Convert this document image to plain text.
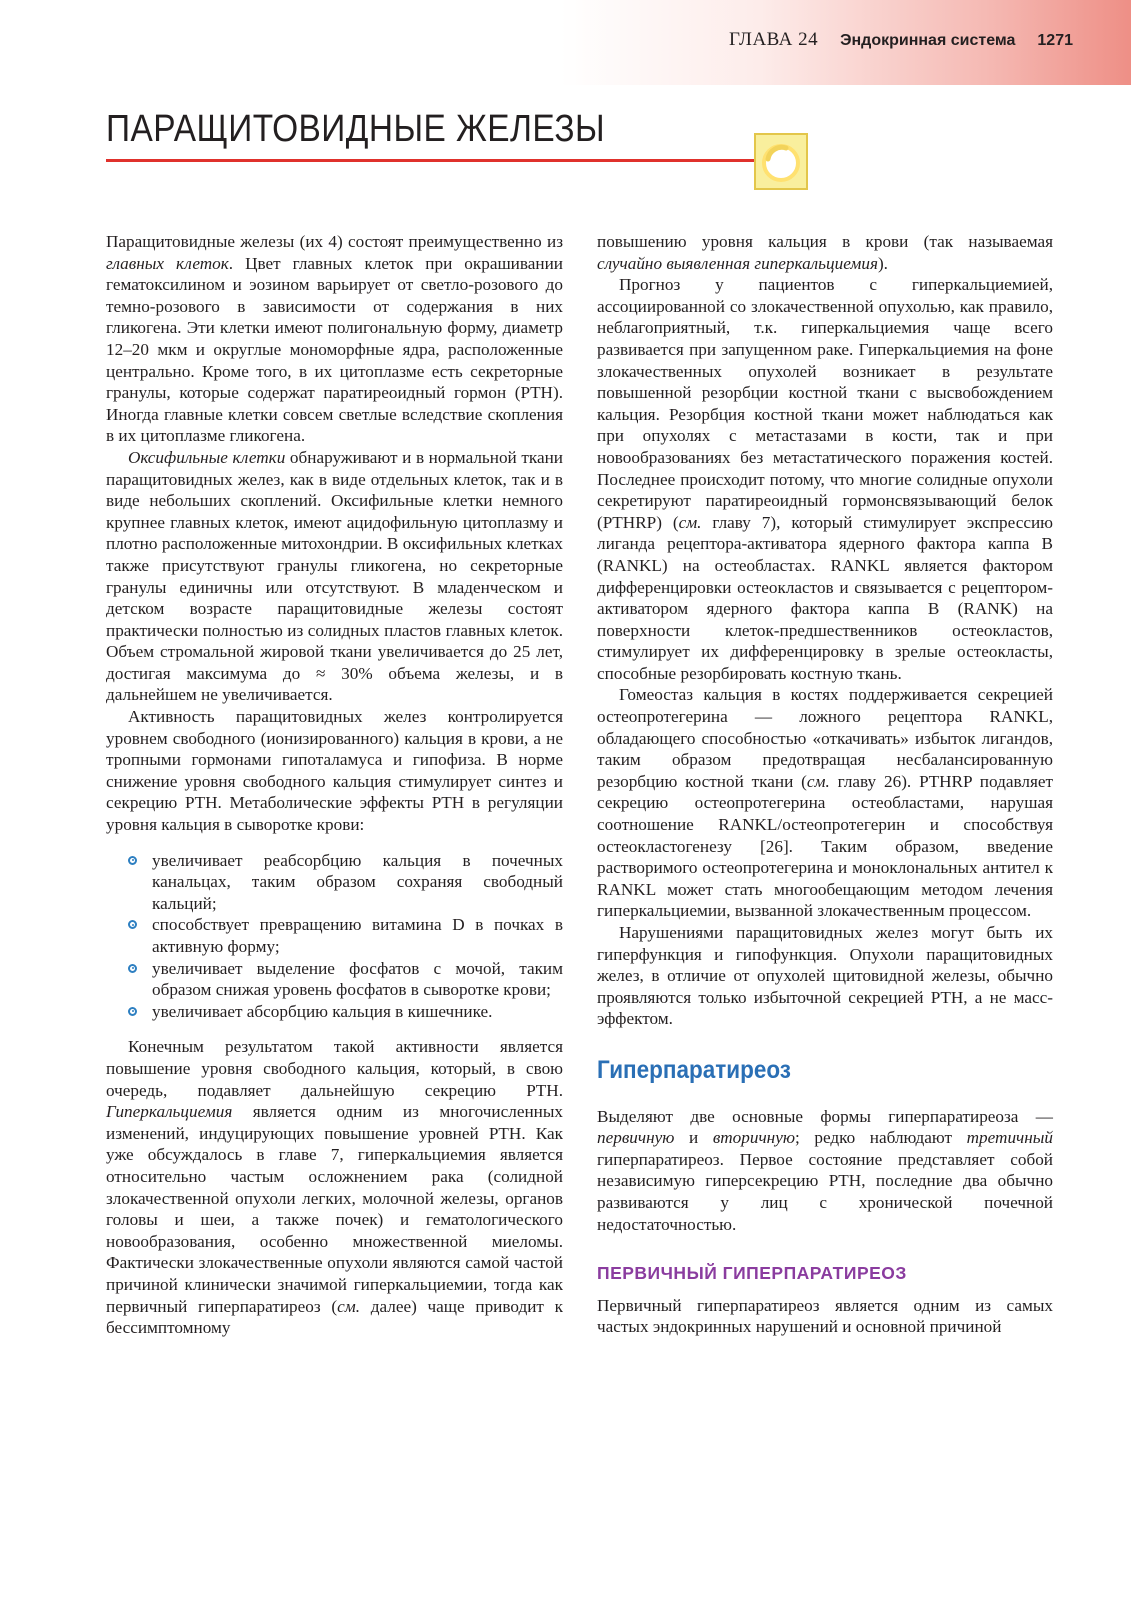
ГЛАВА 24 Эндокринная система 1271
ПАРАЩИТОВИДНЫЕ ЖЕЛЕЗЫ

Паращитовидные железы (их 4) состоят преимущественно из главных клеток. Цвет главных клеток при окрашивании гематоксилином и эозином варьирует от светло-розового до темно-розового в зависимости от содержания в них гликогена. Эти клетки имеют полигональную форму, диаметр 12–20 мкм и округлые мономорфные ядра, расположенные центрально. Кроме того, в их цитоплазме есть секреторные гранулы, которые содержат паратиреоидный гормон (PTH). Иногда главные клетки совсем светлые вследствие скопления в их цитоплазме гликогена.

Оксифильные клетки обнаруживают и в нормальной ткани паращитовидных желез, как в виде отдельных клеток, так и в виде небольших скоплений. Оксифильные клетки немного крупнее главных клеток, имеют ацидофильную цитоплазму и плотно расположенные митохондрии. В оксифильных клетках также присутствуют гранулы гликогена, но секреторные гранулы единичны или отсутствуют. В младенческом и детском возрасте паращитовидные железы состоят практически полностью из солидных пластов главных клеток. Объем стромальной жировой ткани увеличивается до 25 лет, достигая максимума до ≈ 30% объема железы, и в дальнейшем не увеличивается.

Активность паращитовидных желез контролируется уровнем свободного (ионизированного) кальция в крови, а не тропными гормонами гипоталамуса и гипофиза. В норме снижение уровня свободного кальция стимулирует синтез и секрецию PTH. Метаболические эффекты PTH в регуляции уровня кальция в сыворотке крови:

увеличивает реабсорбцию кальция в почечных канальцах, таким образом сохраняя свободный кальций;
способствует превращению витамина D в почках в активную форму;
увеличивает выделение фосфатов с мочой, таким образом снижая уровень фосфатов в сыворотке крови;
увеличивает абсорбцию кальция в кишечнике.

Конечным результатом такой активности является повышение уровня свободного кальция, который, в свою очередь, подавляет дальнейшую секрецию PTH. Гиперкальциемия является одним из многочисленных изменений, индуцирующих повышение уровней PTH. Как уже обсуждалось в главе 7, гиперкальциемия является относительно частым осложнением рака (солидной злокачественной опухоли легких, молочной железы, органов головы и шеи, а также почек) и гематологического новообразования, особенно множественной миеломы. Фактически злокачественные опухоли являются самой частой причиной клинически значимой гиперкальциемии, тогда как первичный гиперпаратиреоз (см. далее) чаще приводит к бессимптомному

повышению уровня кальция в крови (так называемая случайно выявленная гиперкальциемия).

Прогноз у пациентов с гиперкальциемией, ассоциированной со злокачественной опухолью, как правило, неблагоприятный, т.к. гиперкальциемия чаще всего развивается при запущенном раке. Гиперкальциемия на фоне злокачественных опухолей возникает в результате повышенной резорбции костной ткани с высвобождением кальция. Резорбция костной ткани может наблюдаться как при опухолях с метастазами в кости, так и при новообразованиях без метастатического поражения костей. Последнее происходит потому, что многие солидные опухоли секретируют паратиреоидный гормонсвязывающий белок (PTHRP) (см. главу 7), который стимулирует экспрессию лиганда рецептора-активатора ядерного фактора каппа B (RANKL) на остеобластах. RANKL является фактором дифференцировки остеокластов и связывается с рецептором-активатором ядерного фактора каппа B (RANK) на поверхности клеток-предшественников остеокластов, стимулирует их дифференцировку в зрелые остеокласты, способные резорбировать костную ткань.

Гомеостаз кальция в костях поддерживается секрецией остеопротегерина — ложного рецептора RANKL, обладающего способностью «откачивать» избыток лигандов, таким образом предотвращая несбалансированную резорбцию костной ткани (см. главу 26). PTHRP подавляет секрецию остеопротегерина остеобластами, нарушая соотношение RANKL/остеопротегерин и способствуя остеокластогенезу [26]. Таким образом, введение растворимого остеопротегерина и моноклональных антител к RANKL может стать многообещающим методом лечения гиперкальциемии, вызванной злокачественным процессом.

Нарушениями паращитовидных желез могут быть их гиперфункция и гипофункция. Опухоли паращитовидных желез, в отличие от опухолей щитовидной железы, обычно проявляются только избыточной секрецией PTH, а не масс-эффектом.

Гиперпаратиреоз

Выделяют две основные формы гиперпаратиреоза — первичную и вторичную; редко наблюдают третичный гиперпаратиреоз. Первое состояние представляет собой независимую гиперсекрецию PTH, последние два обычно развиваются у лиц с хронической почечной недостаточностью.

ПЕРВИЧНЫЙ ГИПЕРПАРАТИРЕОЗ

Первичный гиперпаратиреоз является одним из самых частых эндокринных нарушений и основной причиной
